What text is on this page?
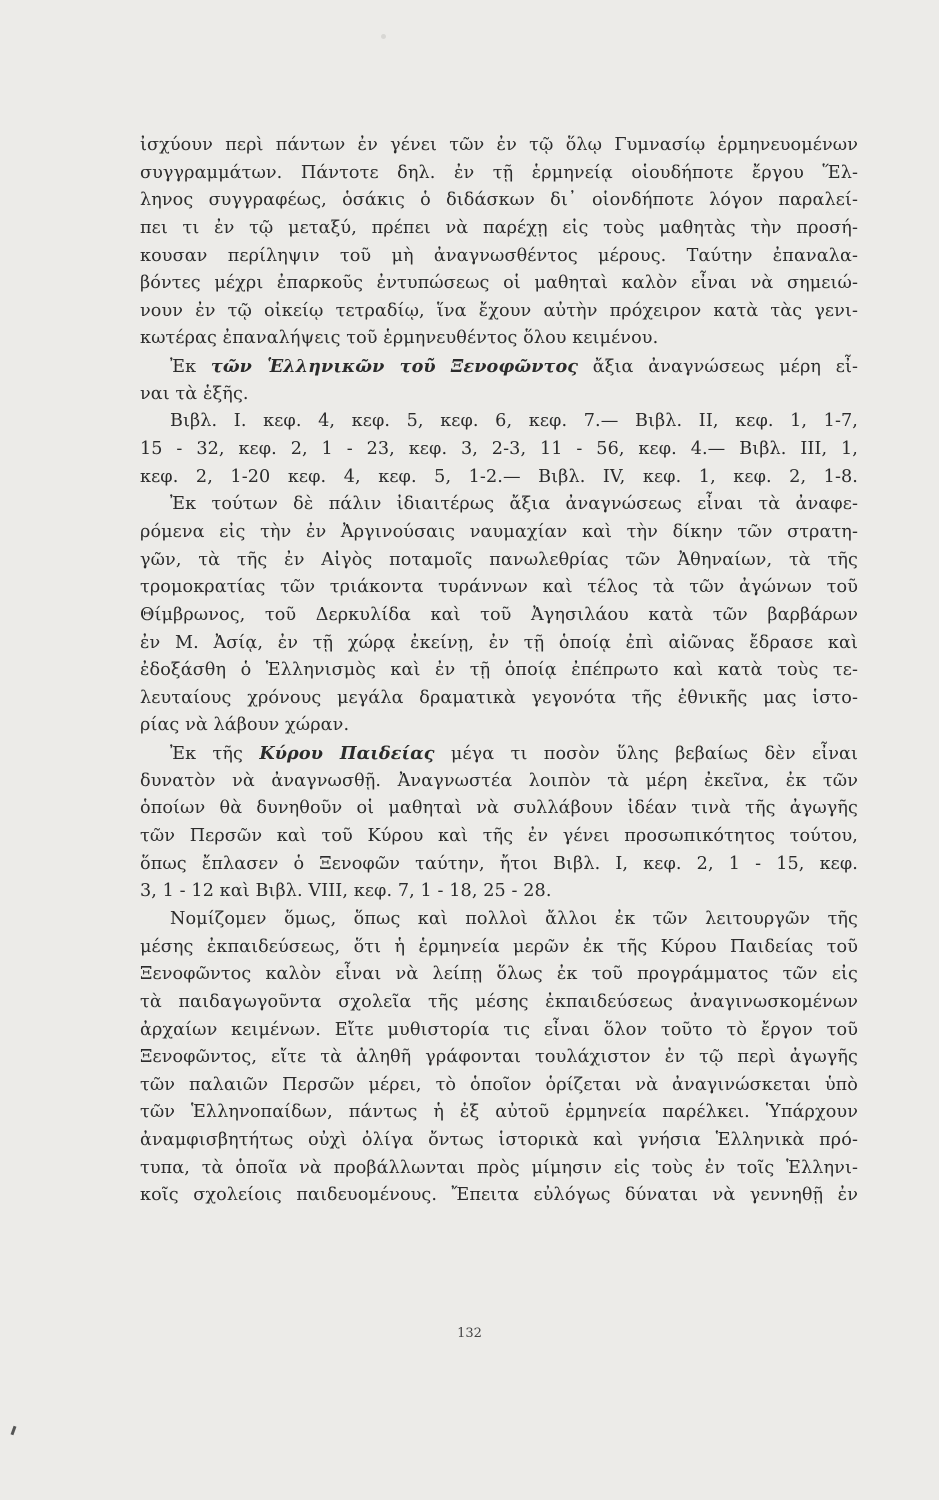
ἰσχύουν περὶ πάντων ἐν γένει τῶν ἐν τῷ ὅλῳ Γυμνασίῳ ἑρμηνευομένων
συγγραμμάτων. Πάντοτε δηλ. ἐν τῇ ἑρμηνείᾳ οἱουδήποτε ἔργου Ἕλ-
ληνος συγγραφέως, ὁσάκις ὁ διδάσκων δι᾽ οἱονδήποτε λόγον παραλεί-
πει τι ἐν τῷ μεταξύ, πρέπει νὰ παρέχῃ εἰς τοὺς μαθητὰς τὴν προσή-
κουσαν περίληψιν τοῦ μὴ ἀναγνωσθέντος μέρους. Ταύτην ἐπαναλα-
βόντες μέχρι ἐπαρκοῦς ἐντυπώσεως οἱ μαθηταὶ καλὸν εἶναι νὰ σημειώ-
νουν ἐν τῷ οἰκείῳ τετραδίῳ, ἵνα ἔχουν αὐτὴν πρόχειρον κατὰ τὰς γενι-
κωτέρας ἐπαναλήψεις τοῦ ἑρμηνευθέντος ὅλου κειμένου.
Ἐκ τῶν Ἑλληνικῶν τοῦ Ξενοφῶντος ἄξια ἀναγνώσεως μέρη εἶ-
ναι τὰ ἑξῆς.
Βιβλ. Ι. κεφ. 4, κεφ. 5, κεφ. 6, κεφ. 7.— Βιβλ. ΙΙ, κεφ. 1, 1-7,
15 - 32, κεφ. 2, 1 - 23, κεφ. 3, 2-3, 11 - 56, κεφ. 4.— Βιβλ. ΙΙΙ, 1,
κεφ. 2, 1-20 κεφ. 4, κεφ. 5, 1-2.— Βιβλ. IV, κεφ. 1, κεφ. 2, 1-8.
Ἐκ τούτων δὲ πάλιν ἰδιαιτέρως ἄξια ἀναγνώσεως εἶναι τὰ ἀναφε-
ρόμενα εἰς τὴν ἐν Ἀργινούσαις ναυμαχίαν καὶ τὴν δίκην τῶν στρατη-
γῶν, τὰ τῆς ἐν Αἰγὸς ποταμοῖς πανωλεθρίας τῶν Ἀθηναίων, τὰ τῆς
τρομοκρατίας τῶν τριάκοντα τυράννων καὶ τέλος τὰ τῶν ἀγώνων τοῦ
Θίμβρωνος, τοῦ Δερκυλίδα καὶ τοῦ Ἀγησιλάου κατὰ τῶν βαρβάρων
ἐν Μ. Ἀσίᾳ, ἐν τῇ χώρᾳ ἐκείνῃ, ἐν τῇ ὁποίᾳ ἐπὶ αἰῶνας ἔδρασε καὶ
ἐδοξάσθη ὁ Ἑλληνισμὸς καὶ ἐν τῇ ὁποίᾳ ἐπέπρωτο καὶ κατὰ τοὺς τε-
λευταίους χρόνους μεγάλα δραματικὰ γεγονότα τῆς ἐθνικῆς μας ἱστο-
ρίας νὰ λάβουν χώραν.
Ἐκ τῆς Κύρου Παιδείας μέγα τι ποσὸν ὕλης βεβαίως δὲν εἶναι
δυνατὸν νὰ ἀναγνωσθῇ. Ἀναγνωστέα λοιπὸν τὰ μέρη ἐκεῖνα, ἐκ τῶν
ὁποίων θὰ δυνηθοῦν οἱ μαθηταὶ νὰ συλλάβουν ἰδέαν τινὰ τῆς ἀγωγῆς
τῶν Περσῶν καὶ τοῦ Κύρου καὶ τῆς ἐν γένει προσωπικότητος τούτου,
ὅπως ἔπλασεν ὁ Ξενοφῶν ταύτην, ἤτοι Βιβλ. Ι, κεφ. 2, 1 - 15, κεφ.
3, 1 - 12 καὶ Βιβλ. VIII, κεφ. 7, 1 - 18, 25 - 28.
Νομίζομεν ὅμως, ὅπως καὶ πολλοὶ ἄλλοι ἐκ τῶν λειτουργῶν τῆς
μέσης ἐκπαιδεύσεως, ὅτι ἡ ἑρμηνεία μερῶν ἐκ τῆς Κύρου Παιδείας τοῦ
Ξενοφῶντος καλὸν εἶναι νὰ λείπῃ ὅλως ἐκ τοῦ προγράμματος τῶν εἰς
τὰ παιδαγωγοῦντα σχολεῖα τῆς μέσης ἐκπαιδεύσεως ἀναγινωσκομένων
ἀρχαίων κειμένων. Εἴτε μυθιστορία τις εἶναι ὅλον τοῦτο τὸ ἔργον τοῦ
Ξενοφῶντος, εἴτε τὰ ἀληθῆ γράφονται τουλάχιστον ἐν τῷ περὶ ἀγωγῆς
τῶν παλαιῶν Περσῶν μέρει, τὸ ὁποῖον ὁρίζεται νὰ ἀναγινώσκεται ὑπὸ
τῶν Ἑλληνοπαίδων, πάντως ἡ ἐξ αὐτοῦ ἑρμηνεία παρέλκει. Ὑπάρχουν
ἀναμφισβητήτως οὐχὶ ὀλίγα ὄντως ἱστορικὰ καὶ γνήσια Ἑλληνικὰ πρό-
τυπα, τὰ ὁποῖα νὰ προβάλλωνται πρὸς μίμησιν εἰς τοὺς ἐν τοῖς Ἑλληνι-
κοῖς σχολείοις παιδευομένους. Ἔπειτα εὐλόγως δύναται νὰ γεννηθῇ ἐν
132
